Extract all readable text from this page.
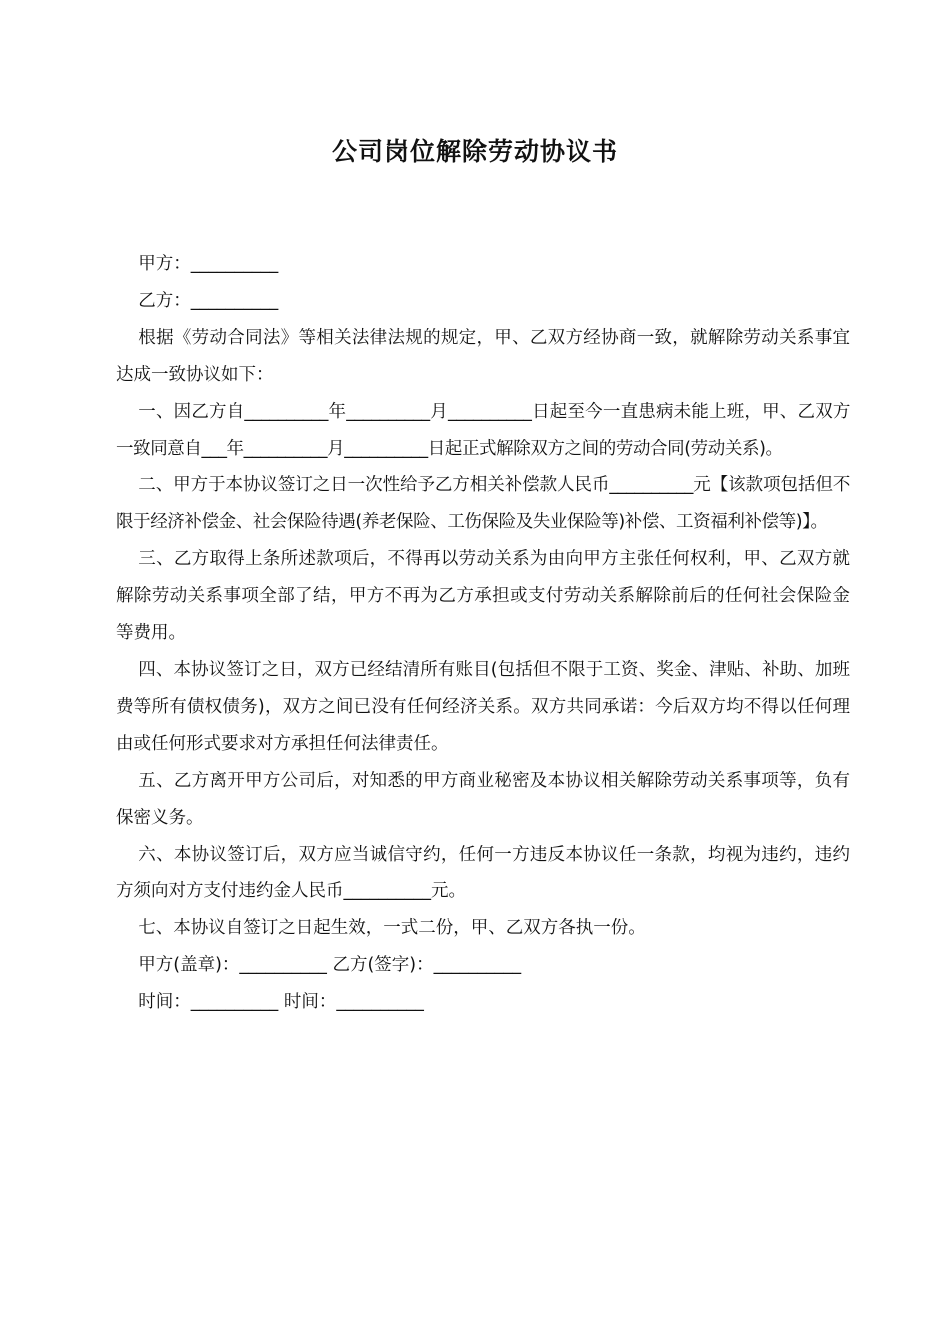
公司岗位解除劳动协议书

甲方：__________

乙方：__________

根据《劳动合同法》等相关法律法规的规定，甲、乙双方经协商一致，就解除劳动关系事宜达成一致协议如下：

一、因乙方自__________年__________月__________日起至今一直患病未能上班，甲、乙双方一致同意自___年__________月__________日起正式解除双方之间的劳动合同(劳动关系)。

二、甲方于本协议签订之日一次性给予乙方相关补偿款人民币__________元【该款项包括但不限于经济补偿金、社会保险待遇(养老保险、工伤保险及失业保险等)补偿、工资福利补偿等)】。

三、乙方取得上条所述款项后，不得再以劳动关系为由向甲方主张任何权利，甲、乙双方就解除劳动关系事项全部了结，甲方不再为乙方承担或支付劳动关系解除前后的任何社会保险金等费用。

四、本协议签订之日，双方已经结清所有账目(包括但不限于工资、奖金、津贴、补助、加班费等所有债权债务)，双方之间已没有任何经济关系。双方共同承诺：今后双方均不得以任何理由或任何形式要求对方承担任何法律责任。

五、乙方离开甲方公司后，对知悉的甲方商业秘密及本协议相关解除劳动关系事项等，负有保密义务。

六、本协议签订后，双方应当诚信守约，任何一方违反本协议任一条款，均视为违约，违约方须向对方支付违约金人民币__________元。

七、本协议自签订之日起生效，一式二份，甲、乙双方各执一份。

甲方(盖章)：__________ 乙方(签字)：__________

时间：__________ 时间：__________
